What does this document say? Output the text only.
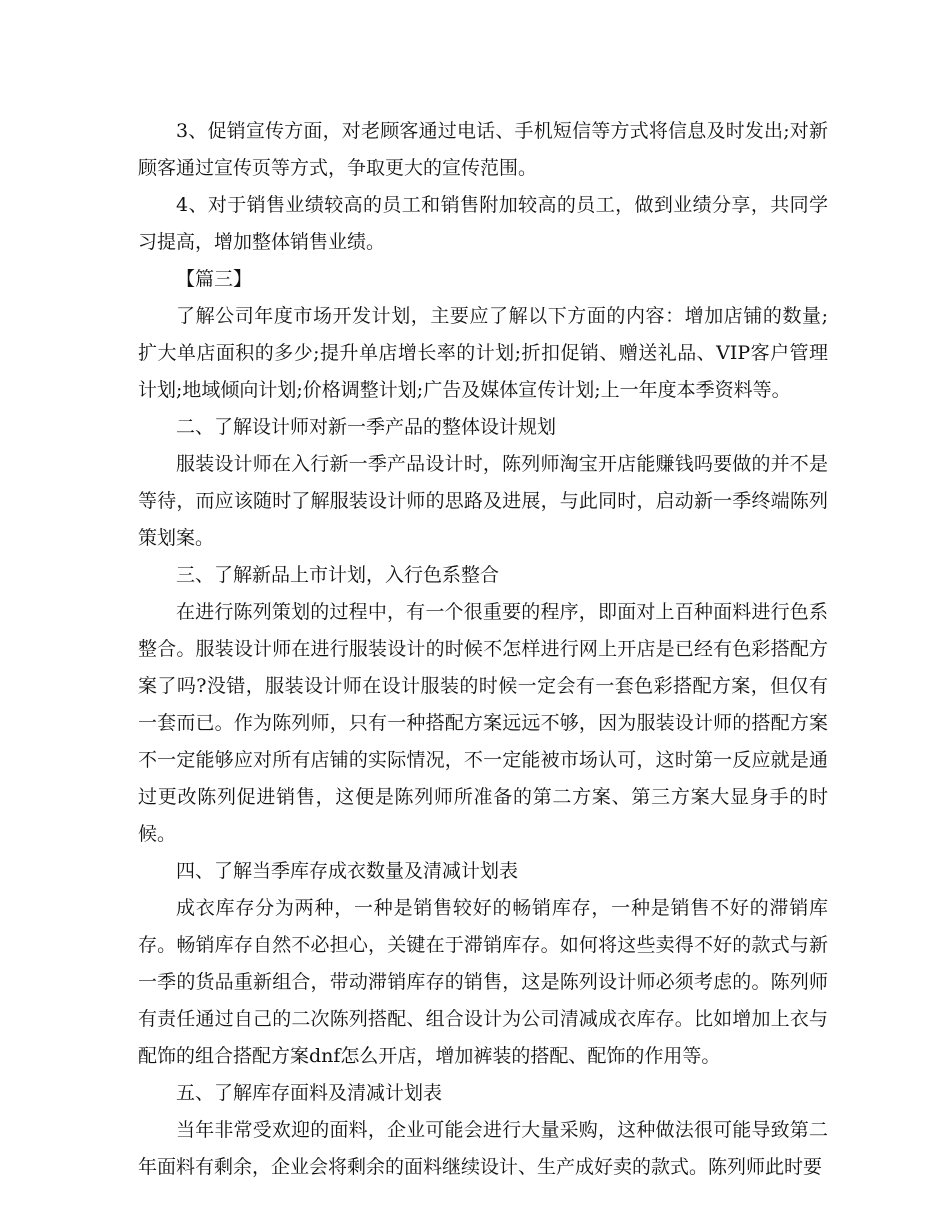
3、促销宣传方面，对老顾客通过电话、手机短信等方式将信息及时发出;对新顾客通过宣传页等方式，争取更大的宣传范围。

4、对于销售业绩较高的员工和销售附加较高的员工，做到业绩分享，共同学习提高，增加整体销售业绩。

【篇三】

了解公司年度市场开发计划，主要应了解以下方面的内容：增加店铺的数量;扩大单店面积的多少;提升单店增长率的计划;折扣促销、赠送礼品、VIP客户管理计划;地域倾向计划;价格调整计划;广告及媒体宣传计划;上一年度本季资料等。

二、了解设计师对新一季产品的整体设计规划

服装设计师在入行新一季产品设计时，陈列师淘宝开店能赚钱吗要做的并不是等待，而应该随时了解服装设计师的思路及进展，与此同时，启动新一季终端陈列策划案。

三、了解新品上市计划，入行色系整合

在进行陈列策划的过程中，有一个很重要的程序，即面对上百种面料进行色系整合。服装设计师在进行服装设计的时候不怎样进行网上开店是已经有色彩搭配方案了吗?没错，服装设计师在设计服装的时候一定会有一套色彩搭配方案，但仅有一套而已。作为陈列师，只有一种搭配方案远远不够，因为服装设计师的搭配方案不一定能够应对所有店铺的实际情况，不一定能被市场认可，这时第一反应就是通过更改陈列促进销售，这便是陈列师所准备的第二方案、第三方案大显身手的时候。

四、了解当季库存成衣数量及清减计划表

成衣库存分为两种，一种是销售较好的畅销库存，一种是销售不好的滞销库存。畅销库存自然不必担心，关键在于滞销库存。如何将这些卖得不好的款式与新一季的货品重新组合，带动滞销库存的销售，这是陈列设计师必须考虑的。陈列师有责任通过自己的二次陈列搭配、组合设计为公司清减成衣库存。比如增加上衣与配饰的组合搭配方案dnf怎么开店，增加裤装的搭配、配饰的作用等。

五、了解库存面料及清减计划表

当年非常受欢迎的面料，企业可能会进行大量采购，这种做法很可能导致第二年面料有剩余，企业会将剩余的面料继续设计、生产成好卖的款式。陈列师此时要
